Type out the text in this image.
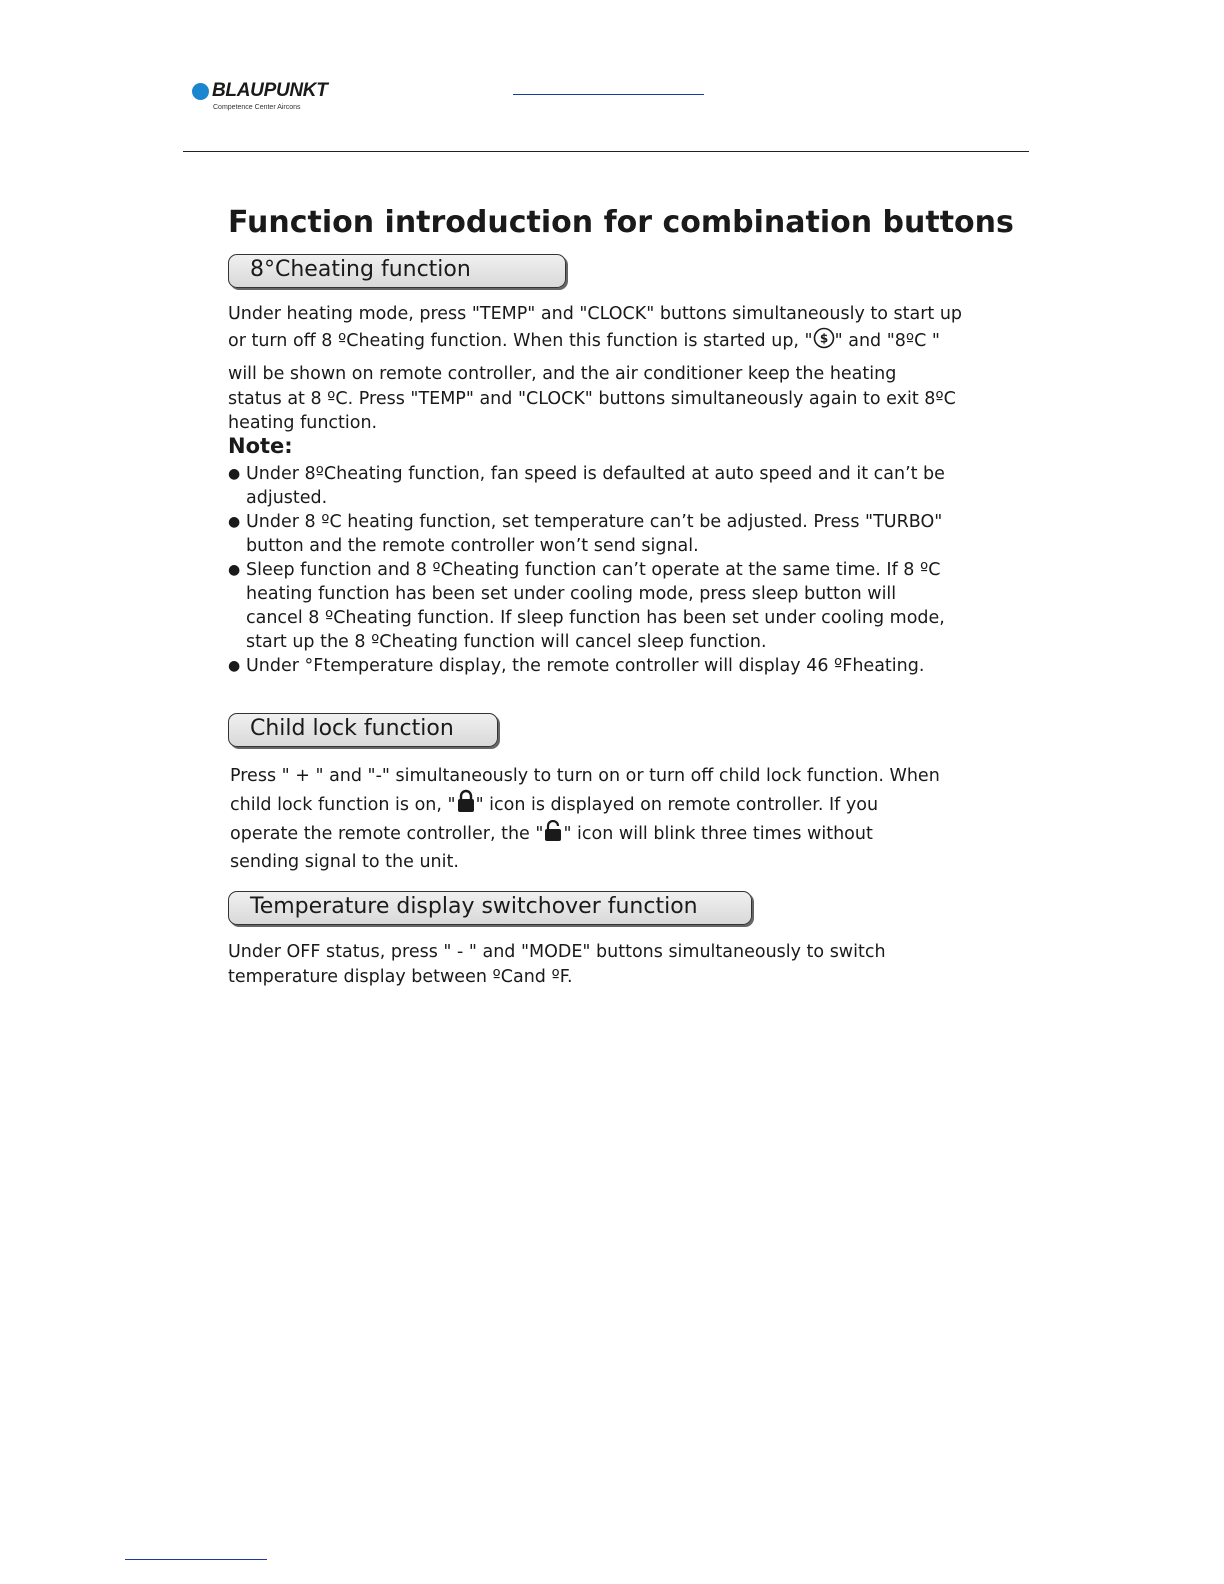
BLAUPUNKT
Competence Center Aircons
Function introduction for combination buttons
8°Cheating function

Under heating mode, press "TEMP" and "CLOCK" buttons simultaneously to start up
or turn off 8 ºCheating function. When this function is started up, " $ " and "8ºC "
will be shown on remote controller, and the air conditioner keep the heating
status at 8 ºC. Press "TEMP" and "CLOCK" buttons simultaneously again to exit 8ºC
heating function.

Note:
● Under 8ºCheating function, fan speed is defaulted at auto speed and it can’t be
adjusted.
● Under 8 ºC heating function, set temperature can’t be adjusted. Press "TURBO"
button and the remote controller won’t send signal.
● Sleep function and 8 ºCheating function can’t operate at the same time. If 8 ºC
heating function has been set under cooling mode, press sleep button will
cancel 8 ºCheating function. If sleep function has been set under cooling mode,
start up the 8 ºCheating function will cancel sleep function.
● Under °Ftemperature display, the remote controller will display 46 ºFheating.
Child lock function

Press " + " and "-" simultaneously to turn on or turn off child lock function. When
child lock function is on, " " icon is displayed on remote controller. If you
operate the remote controller, the " " icon will blink three times without
sending signal to the unit.

Temperature display switchover function

Under OFF status, press " - " and "MODE" buttons simultaneously to switch
temperature display between ºCand ºF.
